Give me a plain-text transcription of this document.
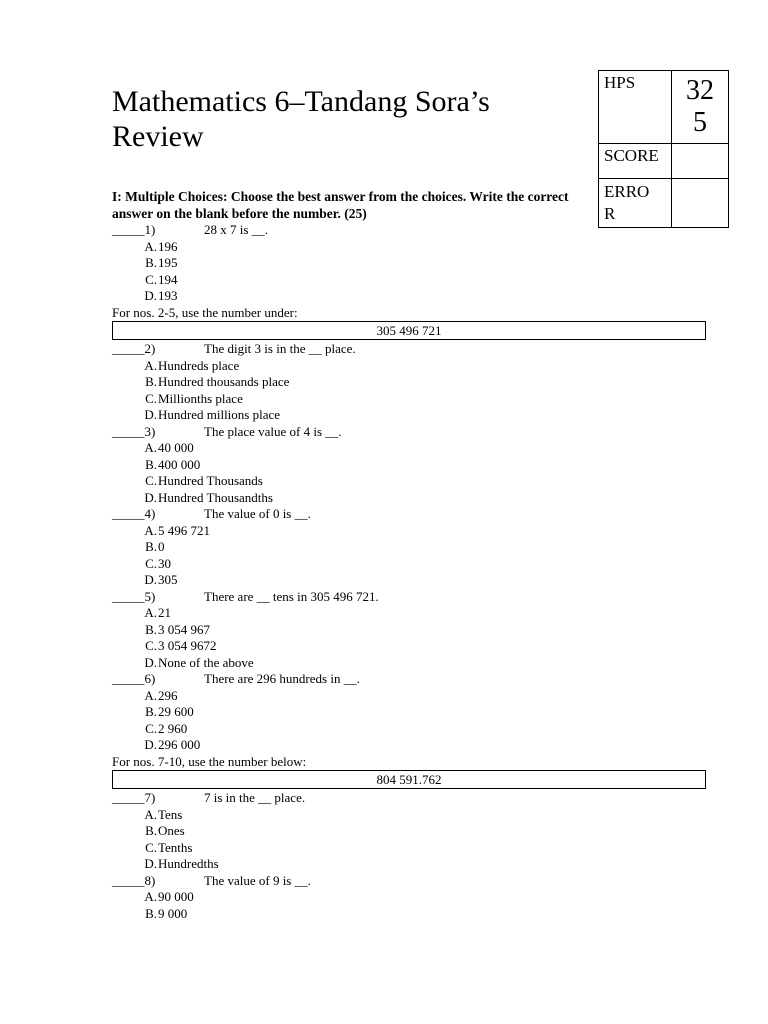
Mathematics 6–Tandang Sora’s
Review
HPS	32
5

SCORE	

ERRO
R	

I: Multiple Choices: Choose the best answer from the choices. Write the correct
answer on the blank before the number. (25)
_____1)	28 x 7 is __.
A. 196
B. 195
C. 194
D. 193
For nos. 2-5, use the number under:
305 496 721
_____2)	The digit 3 is in the __ place.
A. Hundreds place
B. Hundred thousands place
C. Millionths place
D. Hundred millions place
_____3)	The place value of 4 is __.
A. 40 000
B. 400 000
C. Hundred Thousands
D. Hundred Thousandths
_____4)	The value of 0 is __.
A. 5 496 721
B. 0
C. 30
D. 305
_____5)	There are __ tens in 305 496 721.
A. 21
B. 3 054 967
C. 3 054 9672
D. None of the above
_____6)	There are 296 hundreds in __.
A. 296
B. 29 600
C. 2 960
D. 296 000
For nos. 7-10, use the number below:
804 591.762
_____7)	7 is in the __ place.
A. Tens
B. Ones
C. Tenths
D. Hundredths
_____8)	The value of 9 is __.
A. 90 000
B. 9 000
